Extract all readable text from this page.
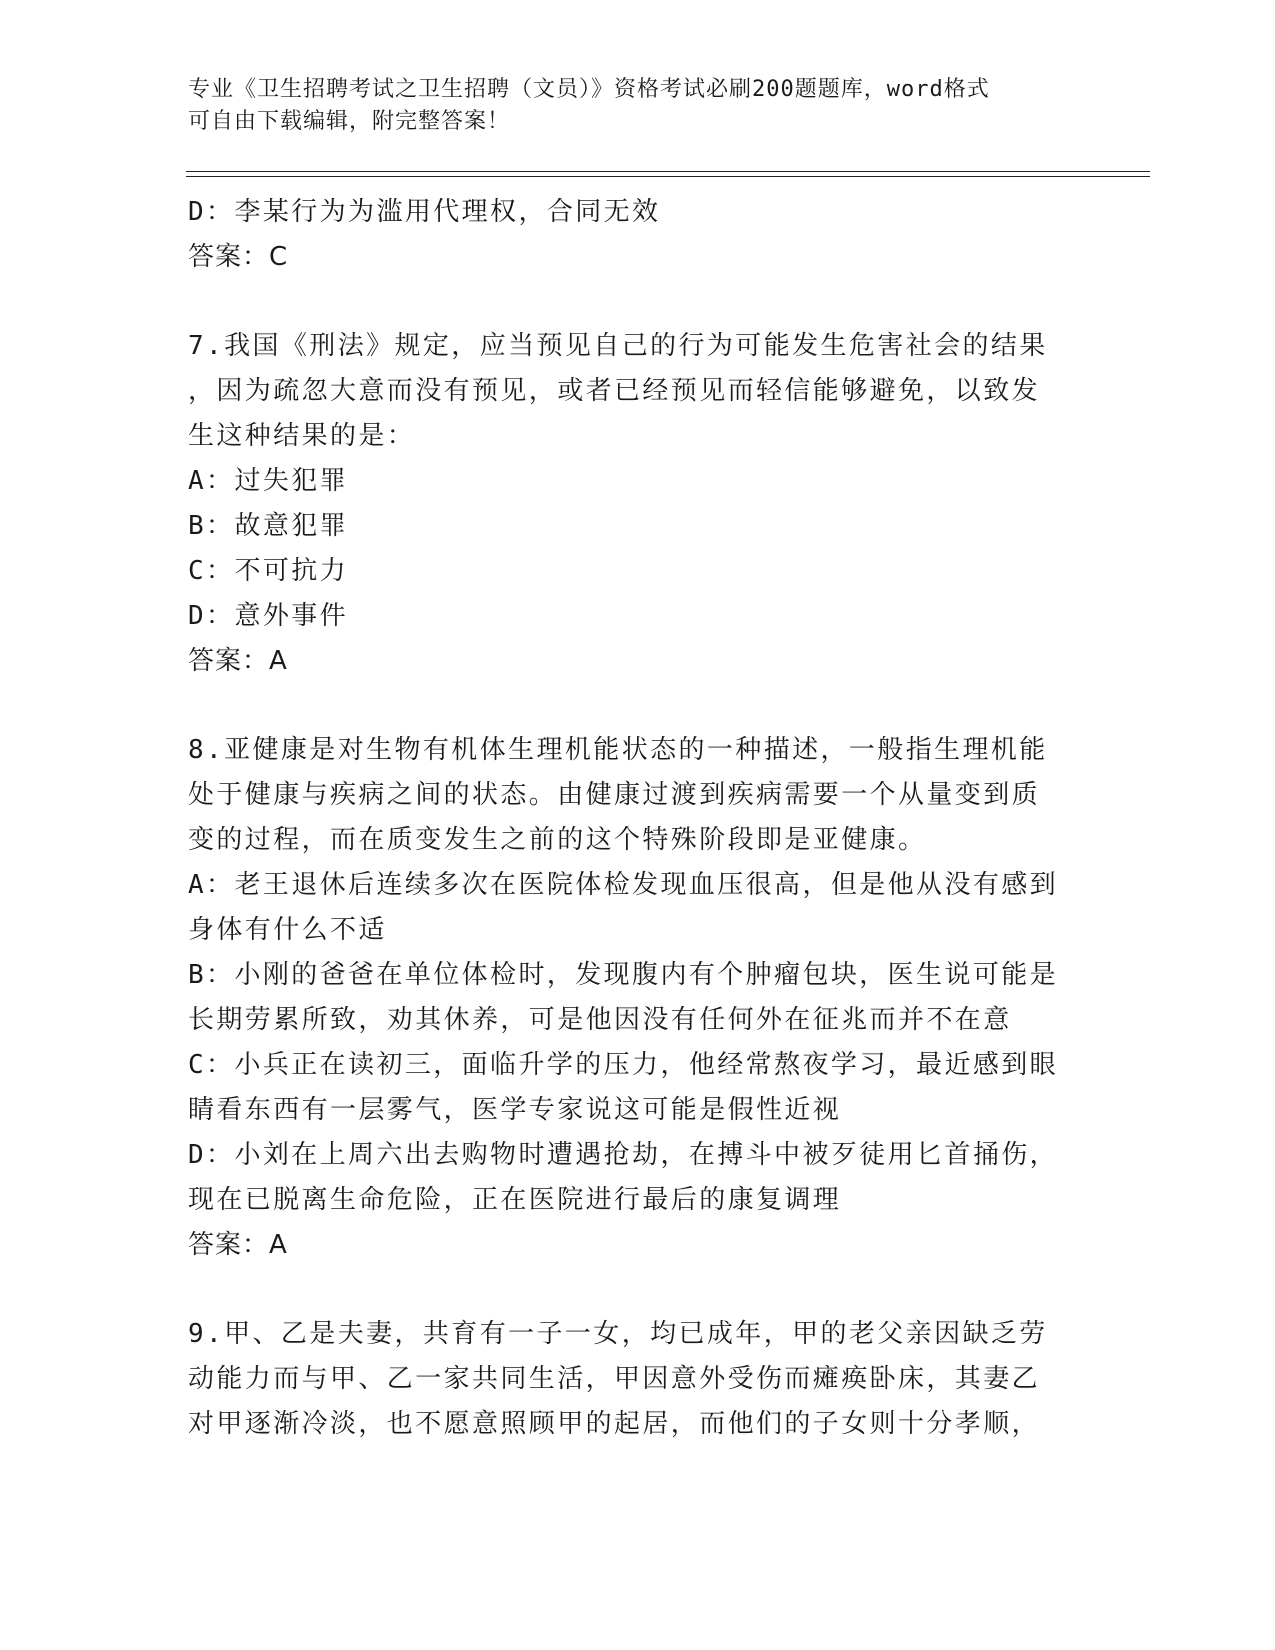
专业《卫生招聘考试之卫生招聘（文员）》资格考试必刷200题题库，word格式
可自由下载编辑，附完整答案！
D：李某行为为滥用代理权，合同无效
答案：C
7.我国《刑法》规定，应当预见自己的行为可能发生危害社会的结果
，因为疏忽大意而没有预见，或者已经预见而轻信能够避免，以致发
生这种结果的是：
A：过失犯罪
B：故意犯罪
C：不可抗力
D：意外事件
答案：A
8.亚健康是对生物有机体生理机能状态的一种描述，一般指生理机能
处于健康与疾病之间的状态。由健康过渡到疾病需要一个从量变到质
变的过程，而在质变发生之前的这个特殊阶段即是亚健康。
A：老王退休后连续多次在医院体检发现血压很高，但是他从没有感到
身体有什么不适
B：小刚的爸爸在单位体检时，发现腹内有个肿瘤包块，医生说可能是
长期劳累所致，劝其休养，可是他因没有任何外在征兆而并不在意
C：小兵正在读初三，面临升学的压力，他经常熬夜学习，最近感到眼
睛看东西有一层雾气，医学专家说这可能是假性近视
D：小刘在上周六出去购物时遭遇抢劫，在搏斗中被歹徒用匕首捅伤，
现在已脱离生命危险，正在医院进行最后的康复调理
答案：A
9.甲、乙是夫妻，共育有一子一女，均已成年，甲的老父亲因缺乏劳
动能力而与甲、乙一家共同生活，甲因意外受伤而瘫痪卧床，其妻乙
对甲逐渐冷淡，也不愿意照顾甲的起居，而他们的子女则十分孝顺，
